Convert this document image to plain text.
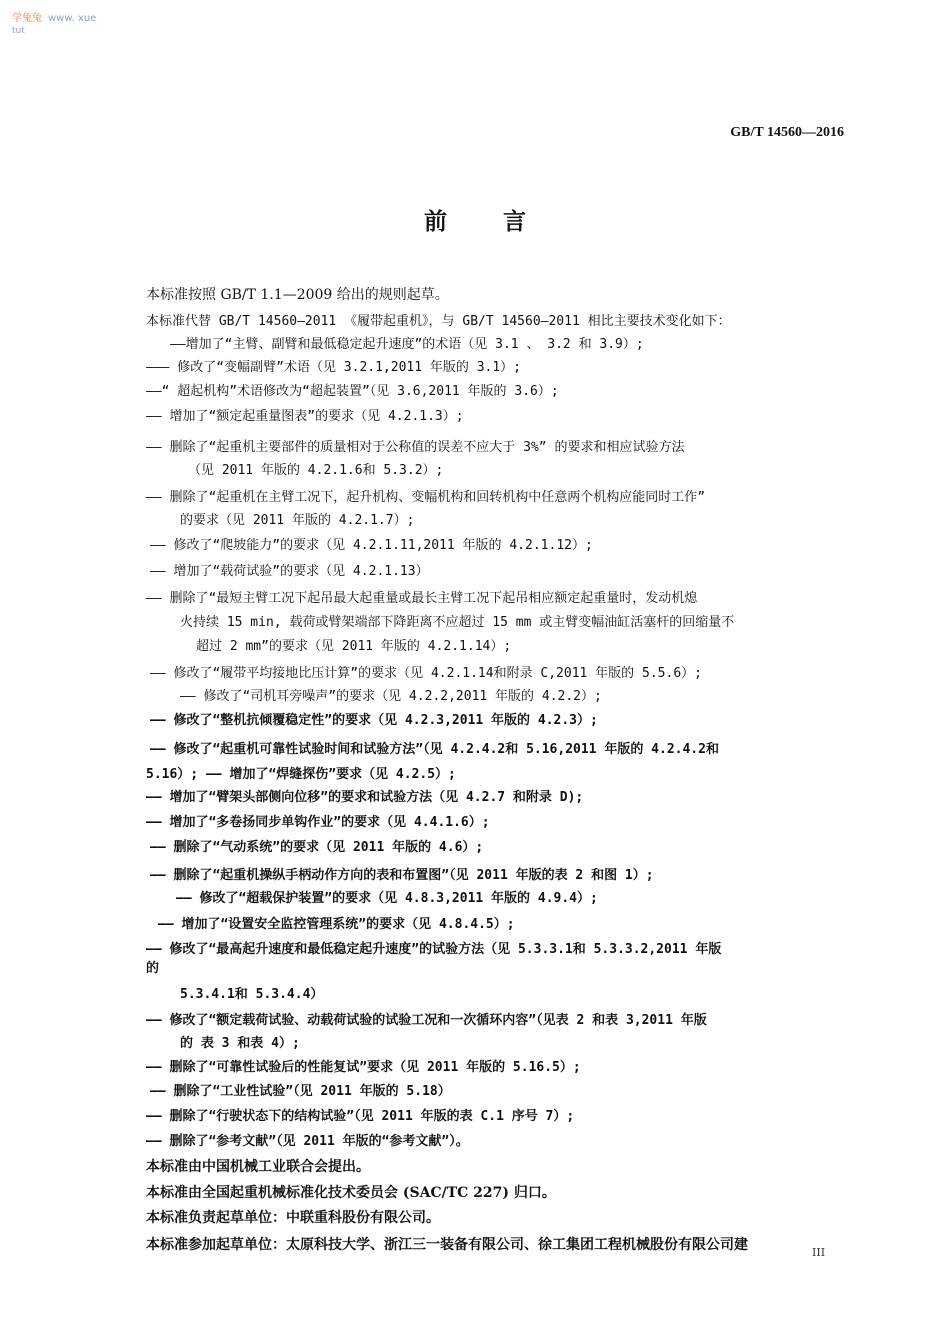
学兔兔 www. xue
tut
GB/T 14560—2016
前言
本标准按照 GB/T 1.1—2009 给出的规则起草。
本标准代替 GB/T 14560—2011 《履带起重机》，与 GB/T 14560—2011 相比主要技术变化如下：
——增加了“主臂、副臂和最低稳定起升速度”的术语（见 3.1 、 3.2 和 3.9）;
——— 修改了“变幅副臂”术语（见 3.2.1,2011 年版的 3.1）;
——“ 超起机构”术语修改为“超起装置”（见 3.6,2011 年版的 3.6）;
—— 增加了“额定起重量图表”的要求（见 4.2.1.3）;
—— 删除了“起重机主要部件的质量相对于公称值的误差不应大于 3%” 的要求和相应试验方法
（见 2011 年版的 4.2.1.6和 5.3.2）;
—— 删除了“起重机在主臂工况下，起升机构、变幅机构和回转机构中任意两个机构应能同时工作”
的要求（见 2011 年版的 4.2.1.7）;
—— 修改了“爬坡能力”的要求（见 4.2.1.11,2011 年版的 4.2.1.12）;
—— 增加了“载荷试验”的要求（见 4.2.1.13）
—— 删除了“最短主臂工况下起吊最大起重量或最长主臂工况下起吊相应额定起重量时，发动机熄
火持续 15 min, 载荷或臂架端部下降距离不应超过 15 mm 或主臂变幅油缸活塞杆的回缩量不
超过 2 mm”的要求（见 2011 年版的 4.2.1.14）;
—— 修改了“履带平均接地比压计算”的要求（见 4.2.1.14和附录 C,2011 年版的 5.5.6）;
—— 修改了“司机耳旁噪声”的要求（见 4.2.2,2011 年版的 4.2.2）;
—— 修改了“整机抗倾覆稳定性”的要求（见 4.2.3,2011 年版的 4.2.3）;
—— 修改了“起重机可靠性试验时间和试验方法”（见 4.2.4.2和 5.16,2011 年版的 4.2.4.2和
5.16）; —— 增加了“焊缝探伤”要求（见 4.2.5）;
—— 增加了“臂架头部侧向位移”的要求和试验方法（见 4.2.7 和附录 D);
—— 增加了“多卷扬同步单钩作业”的要求（见 4.4.1.6）;
—— 删除了“气动系统”的要求（见 2011 年版的 4.6）;
—— 删除了“起重机操纵手柄动作方向的表和布置图”（见 2011 年版的表 2 和图 1）;
—— 修改了“超载保护装置”的要求（见 4.8.3,2011 年版的 4.9.4）;
—— 增加了“设置安全监控管理系统”的要求（见 4.8.4.5）;
—— 修改了“最高起升速度和最低稳定起升速度”的试验方法（见 5.3.3.1和 5.3.3.2,2011 年版
的
5.3.4.1和 5.3.4.4）
—— 修改了“额定载荷试验、动载荷试验的试验工况和一次循环内容”（见表 2 和表 3,2011 年版
的 表 3 和表 4）;
—— 删除了“可靠性试验后的性能复试”要求（见 2011 年版的 5.16.5）;
—— 删除了“工业性试验”（见 2011 年版的 5.18）
—— 删除了“行驶状态下的结构试验”（见 2011 年版的表 C.1 序号 7）;
—— 删除了“参考文献”（见 2011 年版的“参考文献”）。
本标准由中国机械工业联合会提出。
本标准由全国起重机械标准化技术委员会 (SAC/TC 227) 归口。
本标准负责起草单位：中联重科股份有限公司。
本标准参加起草单位：太原科技大学、浙江三一装备有限公司、徐工集团工程机械股份有限公司建	III
